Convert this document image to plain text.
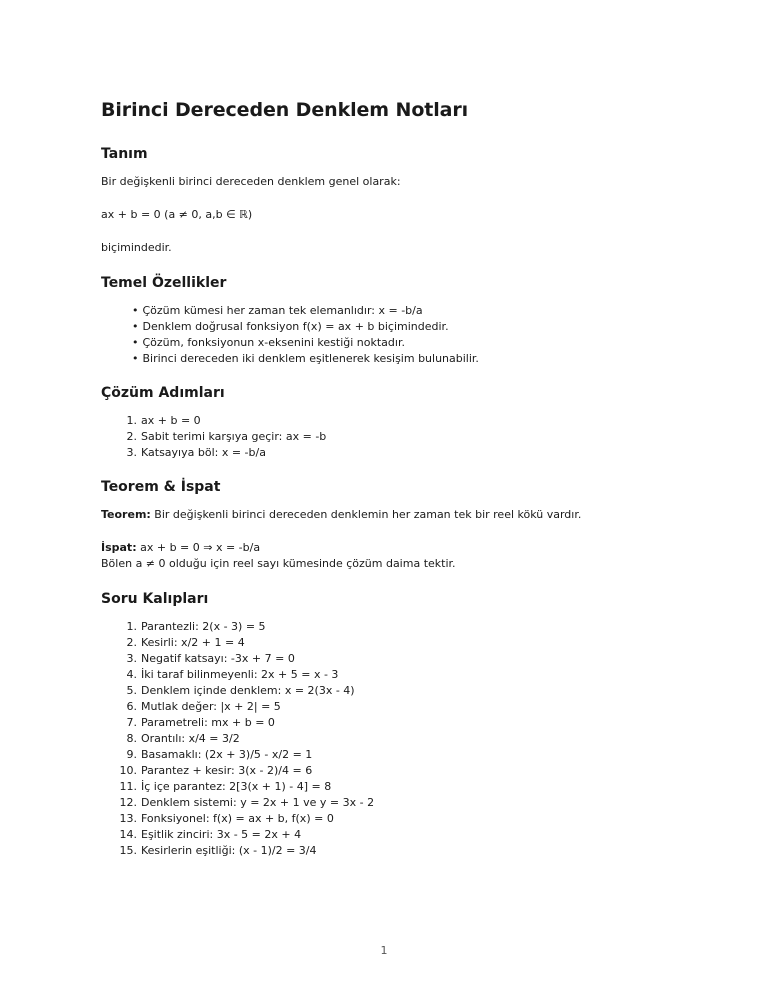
Birinci Dereceden Denklem Notları
Tanım

Bir değişkenli birinci dereceden denklem genel olarak:

ax + b = 0 (a ≠ 0, a,b ∈ ℝ)

biçimindedir.

Temel Özellikler
• Çözüm kümesi her zaman tek elemanlıdır: x = -b/a
• Denklem doğrusal fonksiyon f(x) = ax + b biçimindedir.
• Çözüm, fonksiyonun x-eksenini kestiği noktadır.
• Birinci dereceden iki denklem eşitlenerek kesişim bulunabilir.
Çözüm Adımları
1. ax + b = 0
2. Sabit terimi karşıya geçir: ax = -b
3. Katsayıya böl: x = -b/a
Teorem & İspat

Teorem: Bir değişkenli birinci dereceden denklemin her zaman tek bir reel kökü vardır.

İspat: ax + b = 0 ⇒ x = -b/a
Bölen a ≠ 0 olduğu için reel sayı kümesinde çözüm daima tektir.

Soru Kalıpları
1. Parantezli: 2(x - 3) = 5
2. Kesirli: x/2 + 1 = 4
3. Negatif katsayı: -3x + 7 = 0
4. İki taraf bilinmeyenli: 2x + 5 = x - 3
5. Denklem içinde denklem: x = 2(3x - 4)
6. Mutlak değer: |x + 2| = 5
7. Parametreli: mx + b = 0
8. Orantılı: x/4 = 3/2
9. Basamaklı: (2x + 3)/5 - x/2 = 1
10. Parantez + kesir: 3(x - 2)/4 = 6
11. İç içe parantez: 2[3(x + 1) - 4] = 8
12. Denklem sistemi: y = 2x + 1 ve y = 3x - 2
13. Fonksiyonel: f(x) = ax + b, f(x) = 0
14. Eşitlik zinciri: 3x - 5 = 2x + 4
15. Kesirlerin eşitliği: (x - 1)/2 = 3/4
1
